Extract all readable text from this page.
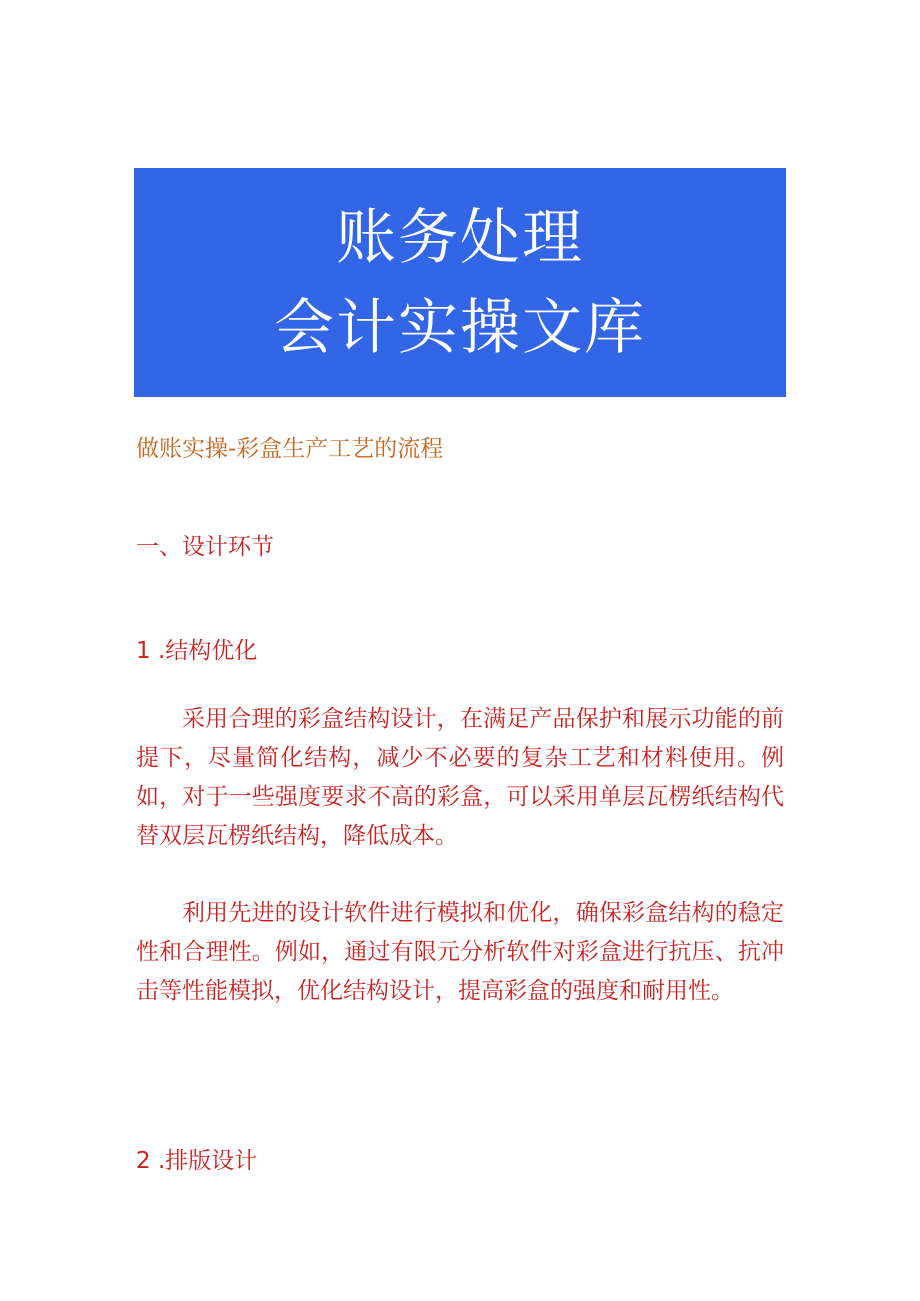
账务处理
会计实操文库
做账实操-彩盒生产工艺的流程
一、设计环节
1 .结构优化

采用合理的彩盒结构设计，在满足产品保护和展示功能的前提下，尽量简化结构，减少不必要的复杂工艺和材料使用。例如，对于一些强度要求不高的彩盒，可以采用单层瓦楞纸结构代替双层瓦楞纸结构，降低成本。

利用先进的设计软件进行模拟和优化，确保彩盒结构的稳定性和合理性。例如，通过有限元分析软件对彩盒进行抗压、抗冲击等性能模拟，优化结构设计，提高彩盒的强度和耐用性。

2 .排版设计
